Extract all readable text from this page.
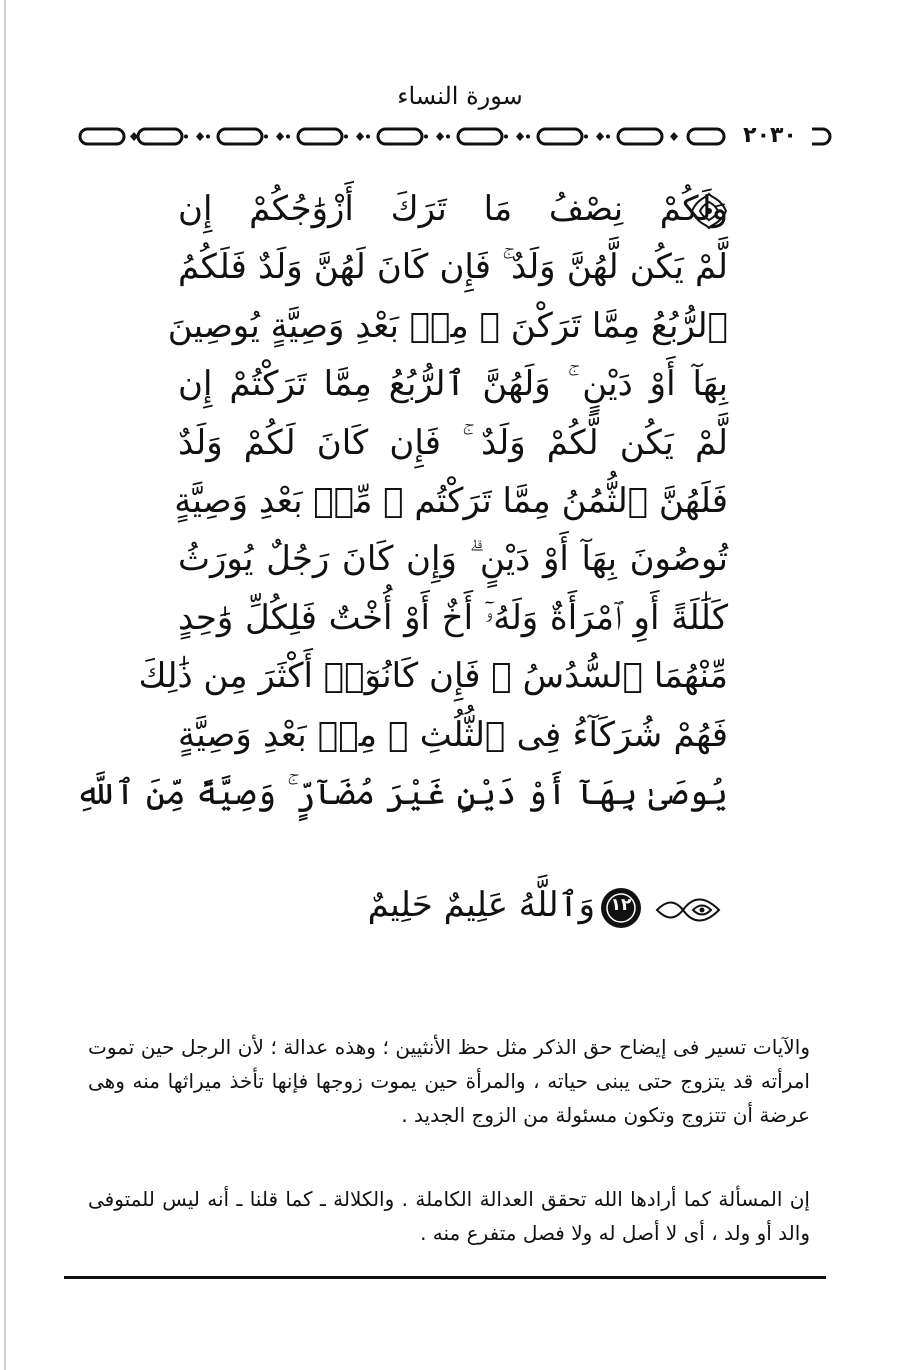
سورة النساء
٢٠٣٠
وَلَكُمْ نِصْفُ مَا تَرَكَ أَزْوَٰجُكُمْ إِن
لَّمْ يَكُن لَّهُنَّ وَلَدٌ ۚ فَإِن كَانَ لَهُنَّ وَلَدٌ فَلَكُمُ
ٱلرُّبُعُ مِمَّا تَرَكْنَ ۚ مِنۢ بَعْدِ وَصِيَّةٍ يُوصِينَ
بِهَآ أَوْ دَيْنٍ ۚ وَلَهُنَّ ٱلرُّبُعُ مِمَّا تَرَكْتُمْ إِن
لَّمْ يَكُن لَّكُمْ وَلَدٌ ۚ فَإِن كَانَ لَكُمْ وَلَدٌ
فَلَهُنَّ ٱلثُّمُنُ مِمَّا تَرَكْتُم ۚ مِّنۢ بَعْدِ وَصِيَّةٍ
تُوصُونَ بِهَآ أَوْ دَيْنٍ ۗ وَإِن كَانَ رَجُلٌ يُورَثُ
كَلَٰلَةً أَوِ ٱمْرَأَةٌ وَلَهُۥٓ أَخٌ أَوْ أُخْتٌ فَلِكُلِّ وَٰحِدٍ
مِّنْهُمَا ٱلسُّدُسُ ۚ فَإِن كَانُوٓا۟ أَكْثَرَ مِن ذَٰلِكَ
فَهُمْ شُرَكَآءُ فِى ٱلثُّلُثِ ۚ مِنۢ بَعْدِ وَصِيَّةٍ
يُوصَىٰ بِهَآ أَوْ دَيْنٍ غَيْرَ مُضَآرٍّ ۚ وَصِيَّةً مِّنَ ٱللَّهِ
وَٱللَّهُ عَلِيمٌ حَلِيمٌ ١٢

والآيات تسير فى إيضاح حق الذكر مثل حظ الأنثيين ؛ وهذه عدالة ؛ لأن الرجل حين تموت امرأته قد يتزوج حتى يبنى حياته ، والمرأة حين يموت زوجها فإنها تأخذ ميراثها منه وهى عرضة أن تتزوج وتكون مسئولة من الزوج الجديد .

إن المسألة كما أرادها الله تحقق العدالة الكاملة . والكلالة ـ كما قلنا ـ أنه ليس للمتوفى والد أو ولد ، أى لا أصل له ولا فصل متفرع منه .
